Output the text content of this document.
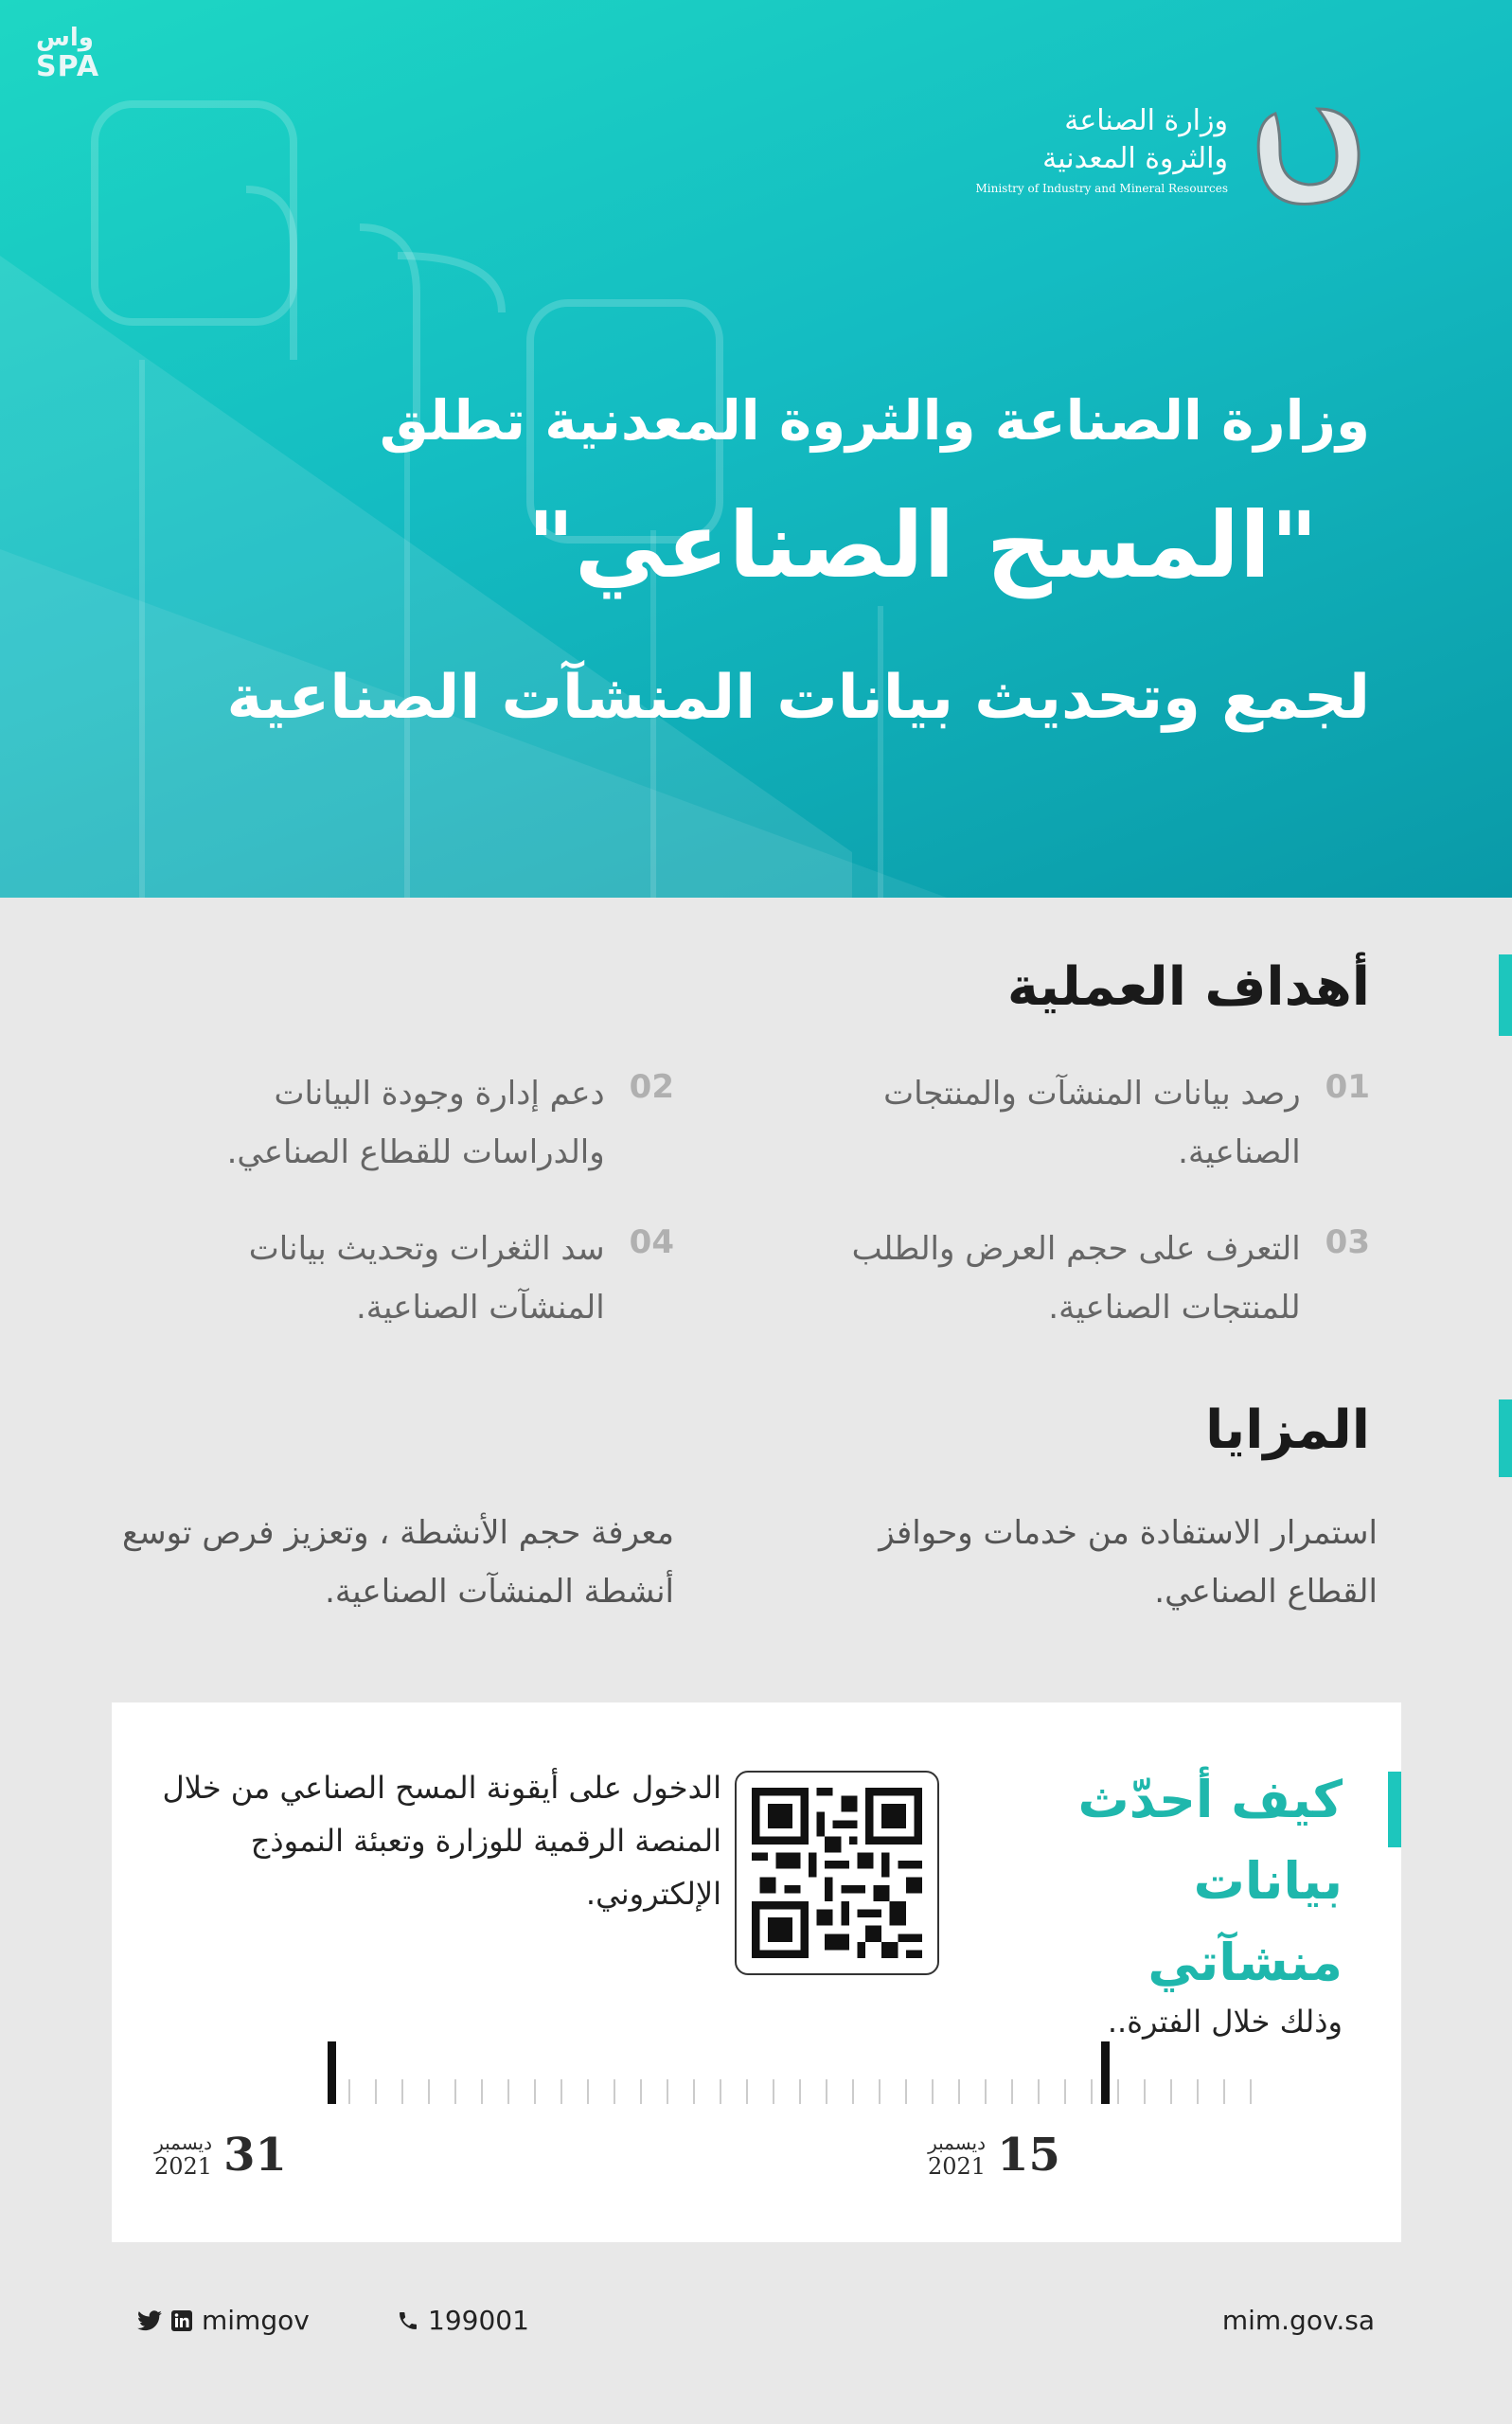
واس
SPA
وزارة الصناعة
والثروة المعدنية
Ministry of Industry and Mineral Resources
وزارة الصناعة والثروة المعدنية تطلق
"المسح الصناعي"
لجمع وتحديث بيانات المنشآت الصناعية
أهداف العملية
01
رصد بيانات المنشآت والمنتجات الصناعية.
02
دعم إدارة وجودة البيانات والدراسات للقطاع الصناعي.
03
التعرف على حجم العرض والطلب للمنتجات الصناعية.
04
سد الثغرات وتحديث بيانات المنشآت الصناعية.
المزايا
استمرار الاستفادة من خدمات وحوافز القطاع الصناعي.
معرفة حجم الأنشطة ، وتعزيز فرص توسع أنشطة المنشآت الصناعية.
كيف أحدّث بيانات منشآتي
الدخول على أيقونة المسح الصناعي من خلال المنصة الرقمية للوزارة وتعبئة النموذج الإلكتروني.
وذلك خلال الفترة..
ديسمبر
2021 31	ديسمبر
2021 15
mimgov	199001	mim.gov.sa
